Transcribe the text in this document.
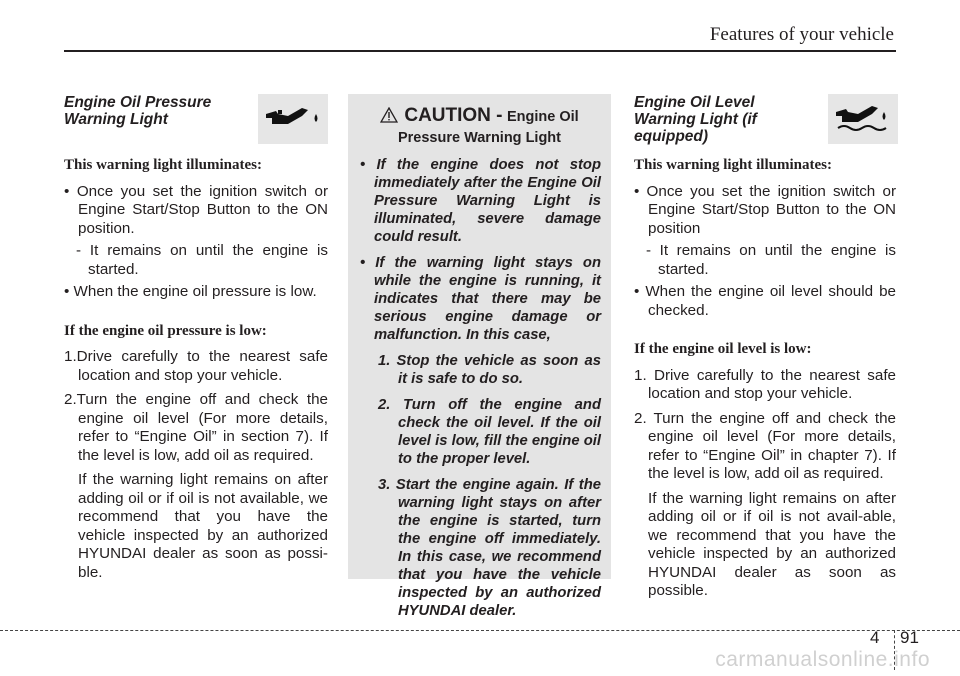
Features of your vehicle
Engine Oil Pressure Warning Light
This warning light illuminates:
• Once you set the ignition switch or Engine Start/Stop Button to the ON position.
- It remains on until the engine is started.
• When the engine oil pressure is low.
If the engine oil pressure is low:
1.Drive carefully to the nearest safe location and stop your vehicle.
2.Turn the engine off and check the engine oil level (For more details, refer to “Engine Oil” in section 7). If the level is low, add oil as required.
If the warning light remains on after adding oil or if oil is not available, we recommend that you have the vehicle inspected by an authorized HYUNDAI dealer as soon as possi-ble.
CAUTION - Engine Oil
Pressure Warning Light
• If the engine does not stop immediately after the Engine Oil Pressure Warning Light is illuminated, severe damage could result.
• If the warning light stays on while the engine is running, it indicates that there may be serious engine damage or malfunction. In this case,
1. Stop the vehicle as soon as it is safe to do so.
2. Turn off the engine and check the oil level. If the oil level is low, fill the engine oil to the proper level.
3. Start the engine again. If the warning light stays on after the engine is started, turn the engine off immediately. In this case, we recommend that you have the vehicle inspected by an authorized HYUNDAI dealer.
Engine Oil Level Warning Light (if equipped)
This warning light illuminates:
• Once you set the ignition switch or Engine Start/Stop Button to the ON position
- It remains on until the engine is started.
• When the engine oil level should be checked.
If the engine oil level is low:
1. Drive carefully to the nearest safe location and stop your vehicle.
2. Turn the engine off and check the engine oil level (For more details, refer to “Engine Oil” in chapter 7). If the level is low, add oil as required.
If the warning light remains on after adding oil or if oil is not avail-able, we recommend that you have the vehicle inspected by an authorized HYUNDAI dealer as soon as possible.
4 91
carmanualsonline.info
